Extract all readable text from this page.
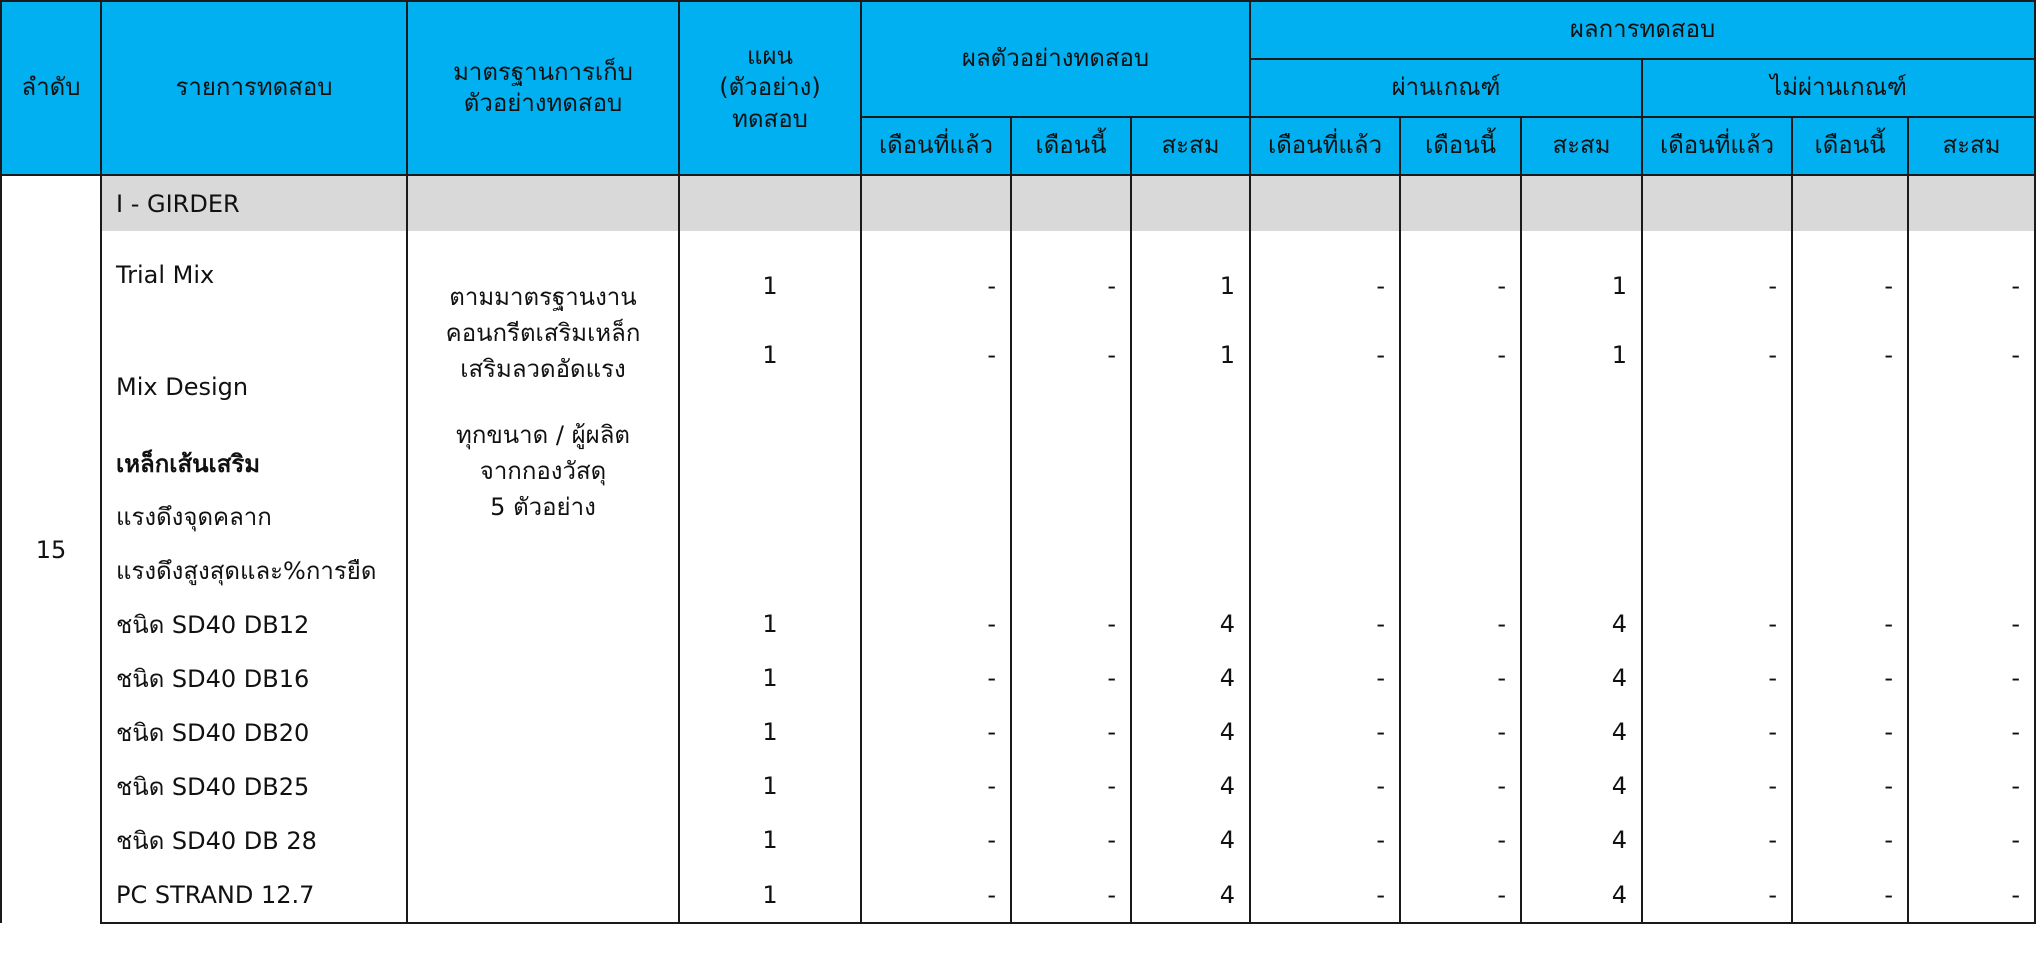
ลำดับ	รายการทดสอบ	มาตรฐานการเก็บ
ตัวอย่างทดสอบ	แผน
(ตัวอย่าง)
ทดสอบ	ผลตัวอย่างทดสอบ			ผลการทดสอบ					
							ผ่านเกณฑ์			ไม่ผ่านเกณฑ์		
				เดือนที่แล้ว	เดือนนี้	สะสม	เดือนที่แล้ว	เดือนนี้	สะสม	เดือนที่แล้ว	เดือนนี้	สะสม
15	I - GIRDER											
	Trial Mix	ตามมาตรฐานงาน
คอนกรีตเสริมเหล็ก
เสริมลวดอัดแรง	1	-	-	1	-	-	1	-	-	-
	Mix Design		1	-	-	1	-	-	1	-	-	-
	เหล็กเส้นเสริม	ทุกขนาด / ผู้ผลิต
จากกองวัสดุ
5 ตัวอย่าง										
	แรงดึงจุดคลาก											
	แรงดึงสูงสุดและ%การยืด											
	ชนิด SD40 DB12		1	-	-	4	-	-	4	-	-	-
	ชนิด SD40 DB16		1	-	-	4	-	-	4	-	-	-
	ชนิด SD40 DB20		1	-	-	4	-	-	4	-	-	-
	ชนิด SD40 DB25		1	-	-	4	-	-	4	-	-	-
	ชนิด SD40 DB 28		1	-	-	4	-	-	4	-	-	-
	PC STRAND 12.7		1	-	-	4	-	-	4	-	-	-
